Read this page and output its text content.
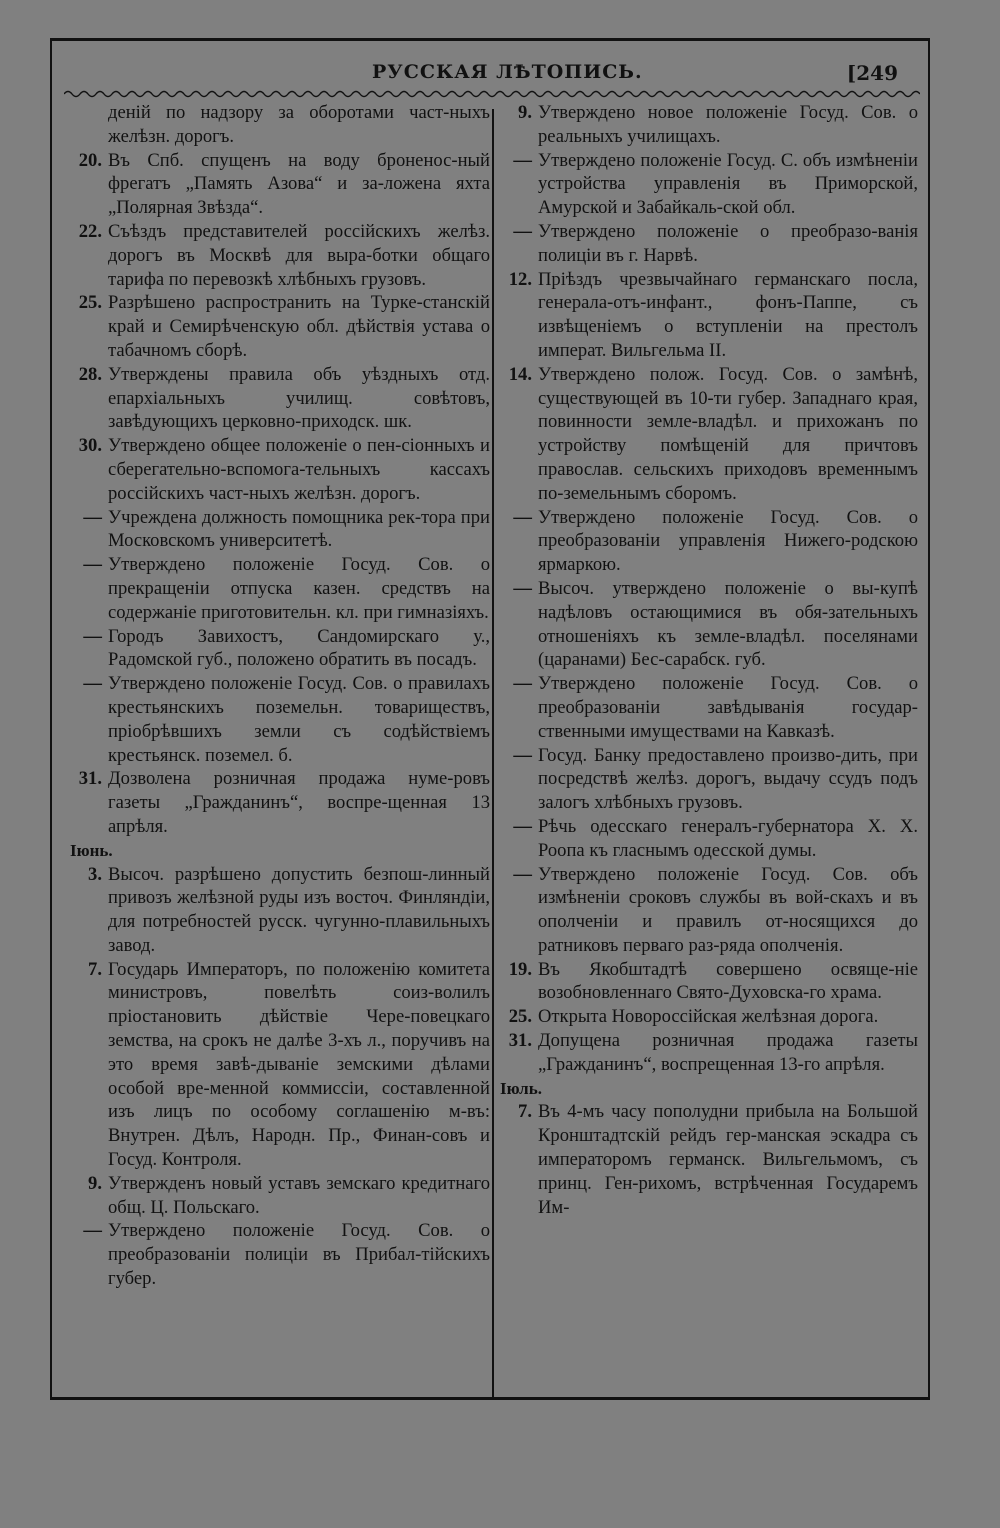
РУССКАЯ ЛѢТОПИСЬ.	[249
деній по надзору за оборотами част-ныхъ желѣзн. дорогъ.
20. Въ Спб. спущенъ на воду броненос-ный фрегатъ „Память Азова“ и за-ложена яхта „Полярная Звѣзда“.
22. Съѣздъ представителей россійскихъ желѣз. дорогъ въ Москвѣ для выра-ботки общаго тарифа по перевозкѣ хлѣбныхъ грузовъ.
25. Разрѣшено распространить на Турке-станскій край и Семирѣченскую обл. дѣйствія устава о табачномъ сборѣ.
28. Утверждены правила объ уѣздныхъ отд. епархіальныхъ училищ. совѣтовъ, завѣдующихъ церковно-приходск. шк.
30. Утверждено общее положеніе о пен-сіонныхъ и сберегательно-вспомога-тельныхъ кассахъ россійскихъ част-ныхъ желѣзн. дорогъ.
— Учреждена должность помощника рек-тора при Московскомъ университетѣ.
— Утверждено положеніе Госуд. Сов. о прекращеніи отпуска казен. средствъ на содержаніе приготовительн. кл. при гимназіяхъ.
— Городъ Завихостъ, Сандомирскаго у., Радомской губ., положено обратить въ посадъ.
— Утверждено положеніе Госуд. Сов. о правилахъ крестьянскихъ поземельн. товариществъ, пріобрѣвшихъ земли съ содѣйствіемъ крестьянск. поземел. б.
31. Дозволена розничная продажа нуме-ровъ газеты „Гражданинъ“, воспре-щенная 13 апрѣля.
Іюнь.
3. Высоч. разрѣшено допустить безпош-линный привозъ желѣзной руды изъ восточ. Финляндіи, для потребностей русск. чугунно-плавильныхъ завод.
7. Государь Императоръ, по положенію комитета министровъ, повелѣть соиз-волилъ пріостановить дѣйствіе Чере-повецкаго земства, на срокъ не далѣе 3-хъ л., поручивъ на это время завѣ-дываніе земскими дѣлами особой вре-менной коммиссіи, составленной изъ лицъ по особому соглашенію м-въ: Внутрен. Дѣлъ, Народн. Пр., Финан-совъ и Госуд. Контроля.
9. Утвержденъ новый уставъ земскаго кредитнаго общ. Ц. Польскаго.
— Утверждено положеніе Госуд. Сов. о преобразованіи полиціи въ Прибал-тійскихъ губер.
9. Утверждено новое положеніе Госуд. Сов. о реальныхъ училищахъ.
— Утверждено положеніе Госуд. С. объ измѣненіи устройства управленія въ Приморской, Амурской и Забайкаль-ской обл.
— Утверждено положеніе о преобразо-ванія полиціи въ г. Нарвѣ.
12. Пріѣздъ чрезвычайнаго германскаго посла, генерала-отъ-инфант., фонъ-Паппе, съ извѣщеніемъ о вступленіи на престолъ императ. Вильгельма II.
14. Утверждено полож. Госуд. Сов. о замѣнѣ, существующей въ 10-ти губер. Западнаго края, повинности земле-владѣл. и прихожанъ по устройству помѣщеній для причтовъ православ. сельскихъ приходовъ временнымъ по-земельнымъ сборомъ.
— Утверждено положеніе Госуд. Сов. о преобразованіи управленія Нижего-родскою ярмаркою.
— Высоч. утверждено положеніе о вы-купѣ надѣловъ остающимися въ обя-зательныхъ отношеніяхъ къ земле-владѣл. поселянами (царанами) Бес-сарабск. губ.
— Утверждено положеніе Госуд. Сов. о преобразованіи завѣдыванія государ-ственными имуществами на Кавказѣ.
— Госуд. Банку предоставлено произво-дить, при посредствѣ желѣз. дорогъ, выдачу ссудъ подъ залогъ хлѣбныхъ грузовъ.
— Рѣчь одесскаго генералъ-губернатора Х. Х. Роопа къ гласнымъ одесской думы.
— Утверждено положеніе Госуд. Сов. объ измѣненіи сроковъ службы въ вой-скахъ и въ ополченіи и правилъ от-носящихся до ратниковъ перваго раз-ряда ополченія.
19. Въ Якобштадтѣ совершено освяще-ніе возобновленнаго Свято-Духовска-го храма.
25. Открыта Новороссійская желѣзная дорога.
31. Допущена розничная продажа газеты „Гражданинъ“, воспрещенная 13-го апрѣля.
Іюль.
7. Въ 4-мъ часу пополудни прибыла на Большой Кронштадтскій рейдъ гер-манская эскадра съ императоромъ германск. Вильгельмомъ, съ принц. Ген-рихомъ, встрѣченная Государемъ Им-
